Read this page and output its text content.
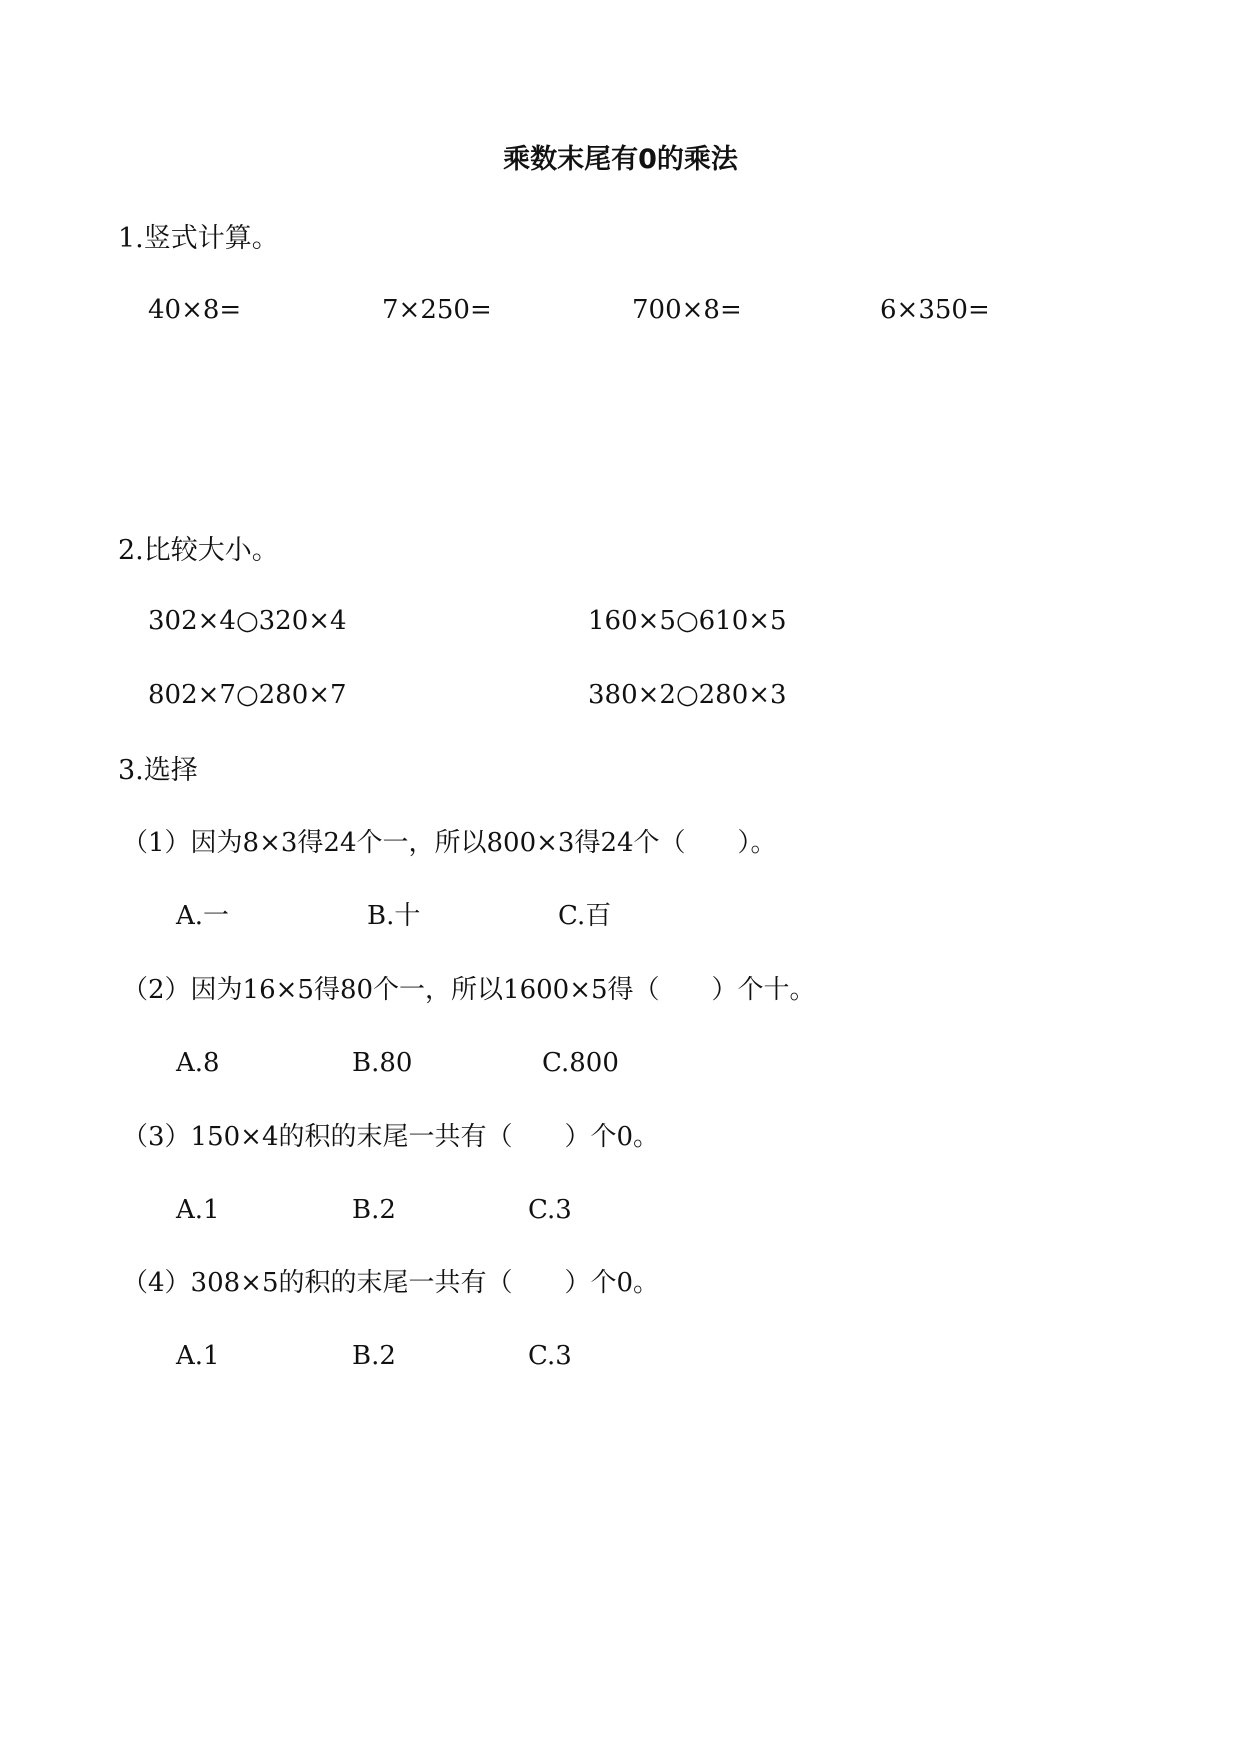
乘数末尾有0的乘法
1.竖式计算。
40×8=	7×250=	700×8=	6×350=
2.比较大小。
302×4○320×4	160×5○610×5
802×7○280×7	380×2○280×3
3.选择
（1）因为8×3得24个一，所以800×3得24个（　　）。
A.一	B.十	C.百
（2）因为16×5得80个一，所以1600×5得（　　）个十。
A.8	B.80	C.800
（3）150×4的积的末尾一共有（　　）个0。
A.1	B.2	C.3
（4）308×5的积的末尾一共有（　　）个0。
A.1	B.2	C.3
